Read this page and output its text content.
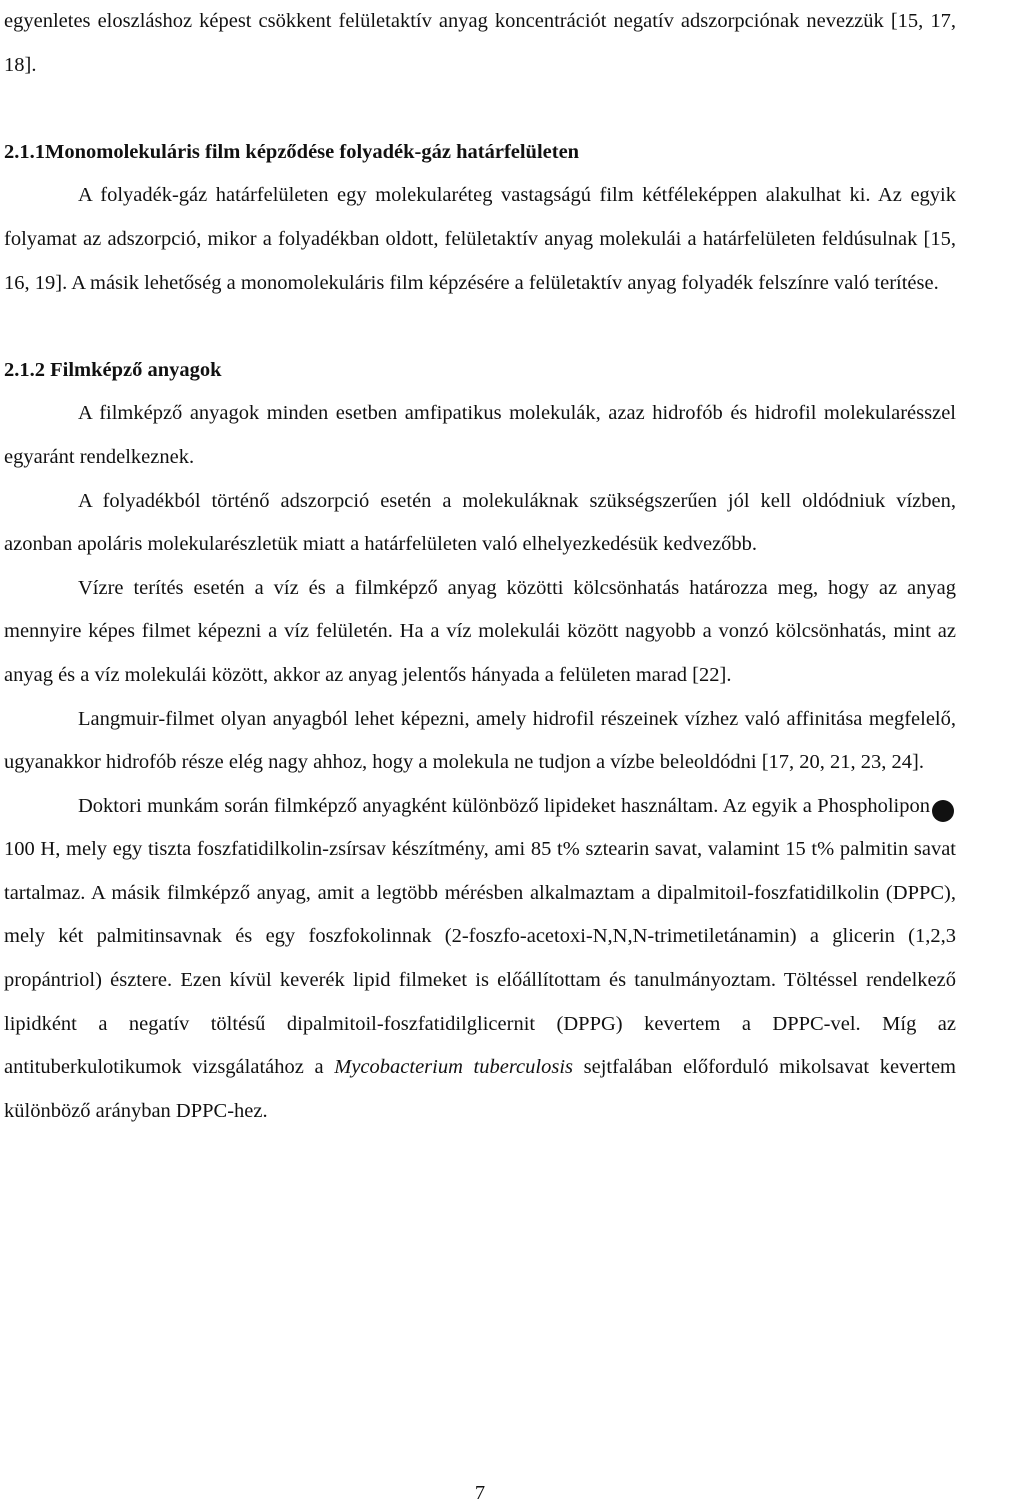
egyenletes eloszláshoz képest csökkent felületaktív anyag koncentrációt negatív adszorpciónak nevezzük [15, 17, 18].

2.1.1Monomolekuláris film képződése folyadék-gáz határfelületen

A folyadék-gáz határfelületen egy molekularéteg vastagságú film kétféleképpen alakulhat ki. Az egyik folyamat az adszorpció, mikor a folyadékban oldott, felületaktív anyag molekulái a határfelületen feldúsulnak [15, 16, 19]. A másik lehetőség a monomolekuláris film képzésére a felületaktív anyag folyadék felszínre való terítése.

2.1.2 Filmképző anyagok

A filmképző anyagok minden esetben amfipatikus molekulák, azaz hidrofób és hidrofil molekularésszel egyaránt rendelkeznek.

A folyadékból történő adszorpció esetén a molekuláknak szükségszerűen jól kell oldódniuk vízben, azonban apoláris molekularészletük miatt a határfelületen való elhelyezkedésük kedvezőbb.

Vízre terítés esetén a víz és a filmképző anyag közötti kölcsönhatás határozza meg, hogy az anyag mennyire képes filmet képezni a víz felületén. Ha a víz molekulái között nagyobb a vonzó kölcsönhatás, mint az anyag és a víz molekulái között, akkor az anyag jelentős hányada a felületen marad [22].

Langmuir-filmet olyan anyagból lehet képezni, amely hidrofil részeinek vízhez való affinitása megfelelő, ugyanakkor hidrofób része elég nagy ahhoz, hogy a molekula ne tudjon a vízbe beleoldódni [17, 20, 21, 23, 24].

Doktori munkám során filmképző anyagként különböző lipideket használtam. Az egyik a Phospholipon	R 100 H, mely egy tiszta foszfatidilkolin-zsírsav készítmény, ami 85 t% sztearin savat, valamint 15 t% palmitin savat tartalmaz. A másik filmképző anyag, amit a legtöbb mérésben alkalmaztam a dipalmitoil-foszfatidilkolin (DPPC), mely két palmitinsavnak és egy foszfokolinnak (2-foszfo-acetoxi-N,N,N-trimetiletánamin) a glicerin (1,2,3 propántriol) észtere. Ezen kívül keverék lipid filmeket is előállítottam és tanulmányoztam. Töltéssel rendelkező lipidként a negatív töltésű dipalmitoil-foszfatidilglicernit (DPPG) kevertem a DPPC-vel. Míg az antituberkulotikumok vizsgálatához a Mycobacterium tuberculosis sejtfalában előforduló mikolsavat kevertem különböző arányban DPPC-hez.

7
